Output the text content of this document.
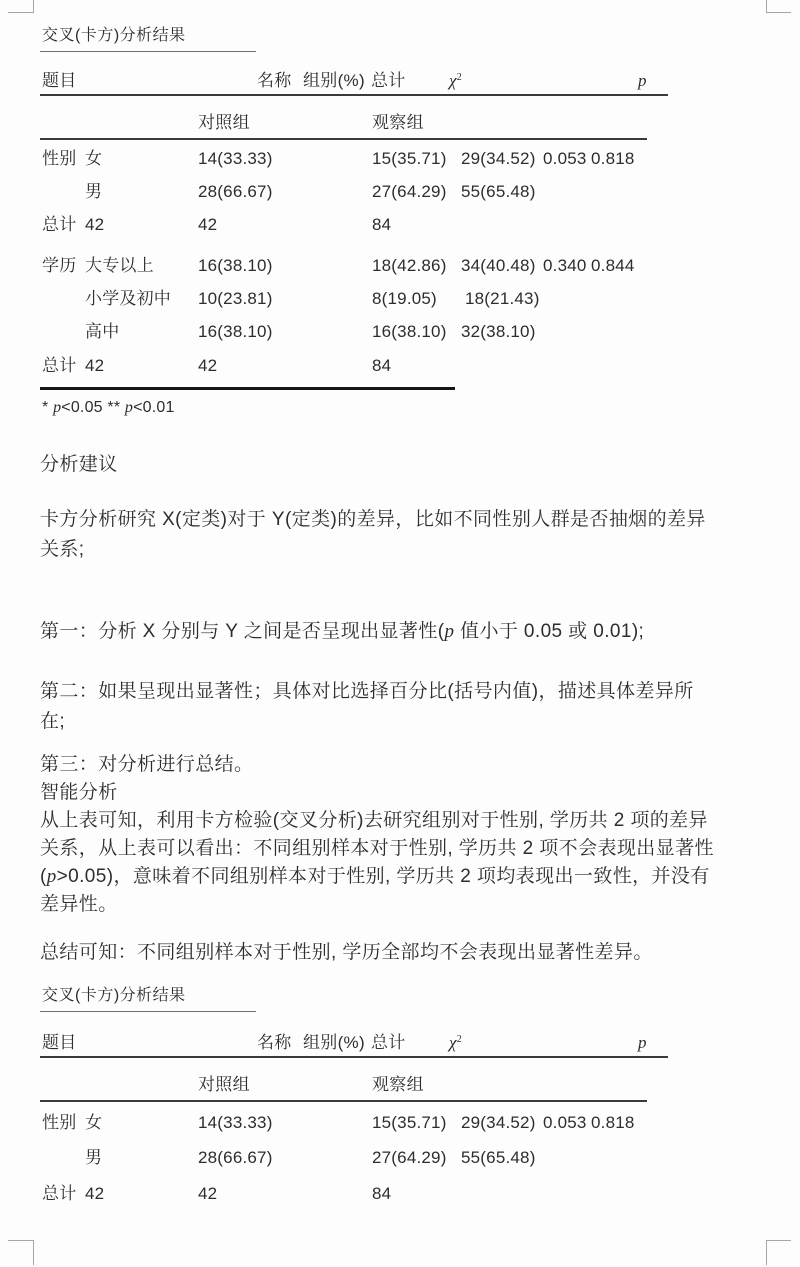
交叉(卡方)分析结果
题目	名称 组别(%) 总计	$\chi^2$	p
对照组	观察组
性别 女	14(33.33)	15(35.71) 29(34.52) 0.053 0.818
男	28(66.67)	27(64.29) 55(65.48)
总计 42	42	84
学历 大专以上	16(38.10)	18(42.86) 34(40.48) 0.340 0.844
小学及初中 10(23.81)	8(19.05) 18(21.43)
高中	16(38.10)	16(38.10) 32(38.10)
总计 42	42	84
* p<0.05 ** p<0.01
分析建议
卡方分析研究 X(定类)对于 Y(定类)的差异，比如不同性别人群是否抽烟的差异
关系;
第一：分析 X 分别与 Y 之间是否呈现出显著性(p 值小于 0.05 或 0.01);
第二：如果呈现出显著性；具体对比选择百分比(括号内值)，描述具体差异所
在;
第三：对分析进行总结。
智能分析
从上表可知，利用卡方检验(交叉分析)去研究组别对于性别, 学历共 2 项的差异
关系，从上表可以看出：不同组别样本对于性别, 学历共 2 项不会表现出显著性
(p>0.05)，意味着不同组别样本对于性别, 学历共 2 项均表现出一致性，并没有
差异性。
总结可知：不同组别样本对于性别, 学历全部均不会表现出显著性差异。
交叉(卡方)分析结果
题目	名称 组别(%) 总计	$\chi^2$	p
对照组	观察组
性别 女	14(33.33)	15(35.71) 29(34.52) 0.053 0.818
男	28(66.67)	27(64.29) 55(65.48)
总计 42	42	84
